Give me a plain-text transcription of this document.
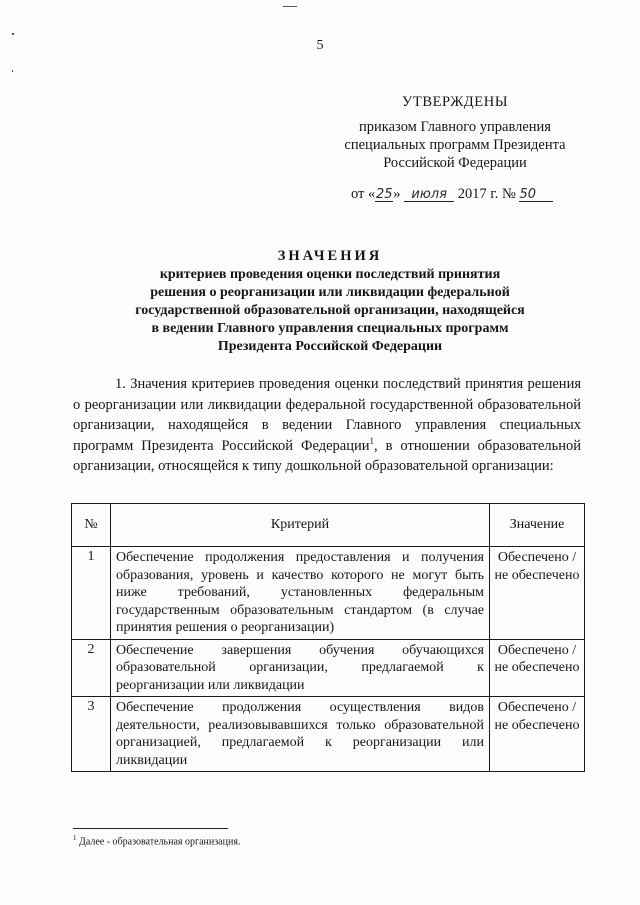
5
УТВЕРЖДЕНЫ
приказом Главного управления
специальных программ Президента
Российской Федерации
от «25» июля 2017 г. № 50
ЗНАЧЕНИЯ
критериев проведения оценки последствий принятия
решения о реорганизации или ликвидации федеральной
государственной образовательной организации, находящейся
в ведении Главного управления специальных программ
Президента Российской Федерации
1. Значения критериев проведения оценки последствий принятия решения о реорганизации или ликвидации федеральной государственной образовательной организации, находящейся в ведении Главного управления специальных программ Президента Российской Федерации$^1$, в отношении образовательной организации, относящейся к типу дошкольной образовательной организации:
№	Критерий	Значение
1	Обеспечение продолжения предоставления и получения образования, уровень и качество которого не могут быть ниже требований, установленных федеральным государственным образовательным стандартом (в случае принятия решения о реорганизации)	Обеспечено /
не обеспечено

2	Обеспечение завершения обучения обучающихся образовательной организации, предлагаемой к реорганизации или ликвидации	Обеспечено /
не обеспечено

3	Обеспечение продолжения осуществления видов деятельности, реализовывавшихся только образовательной организацией, предлагаемой к реорганизации или ликвидации	Обеспечено /
не обеспечено
$^1$ Далее - образовательная организация.
